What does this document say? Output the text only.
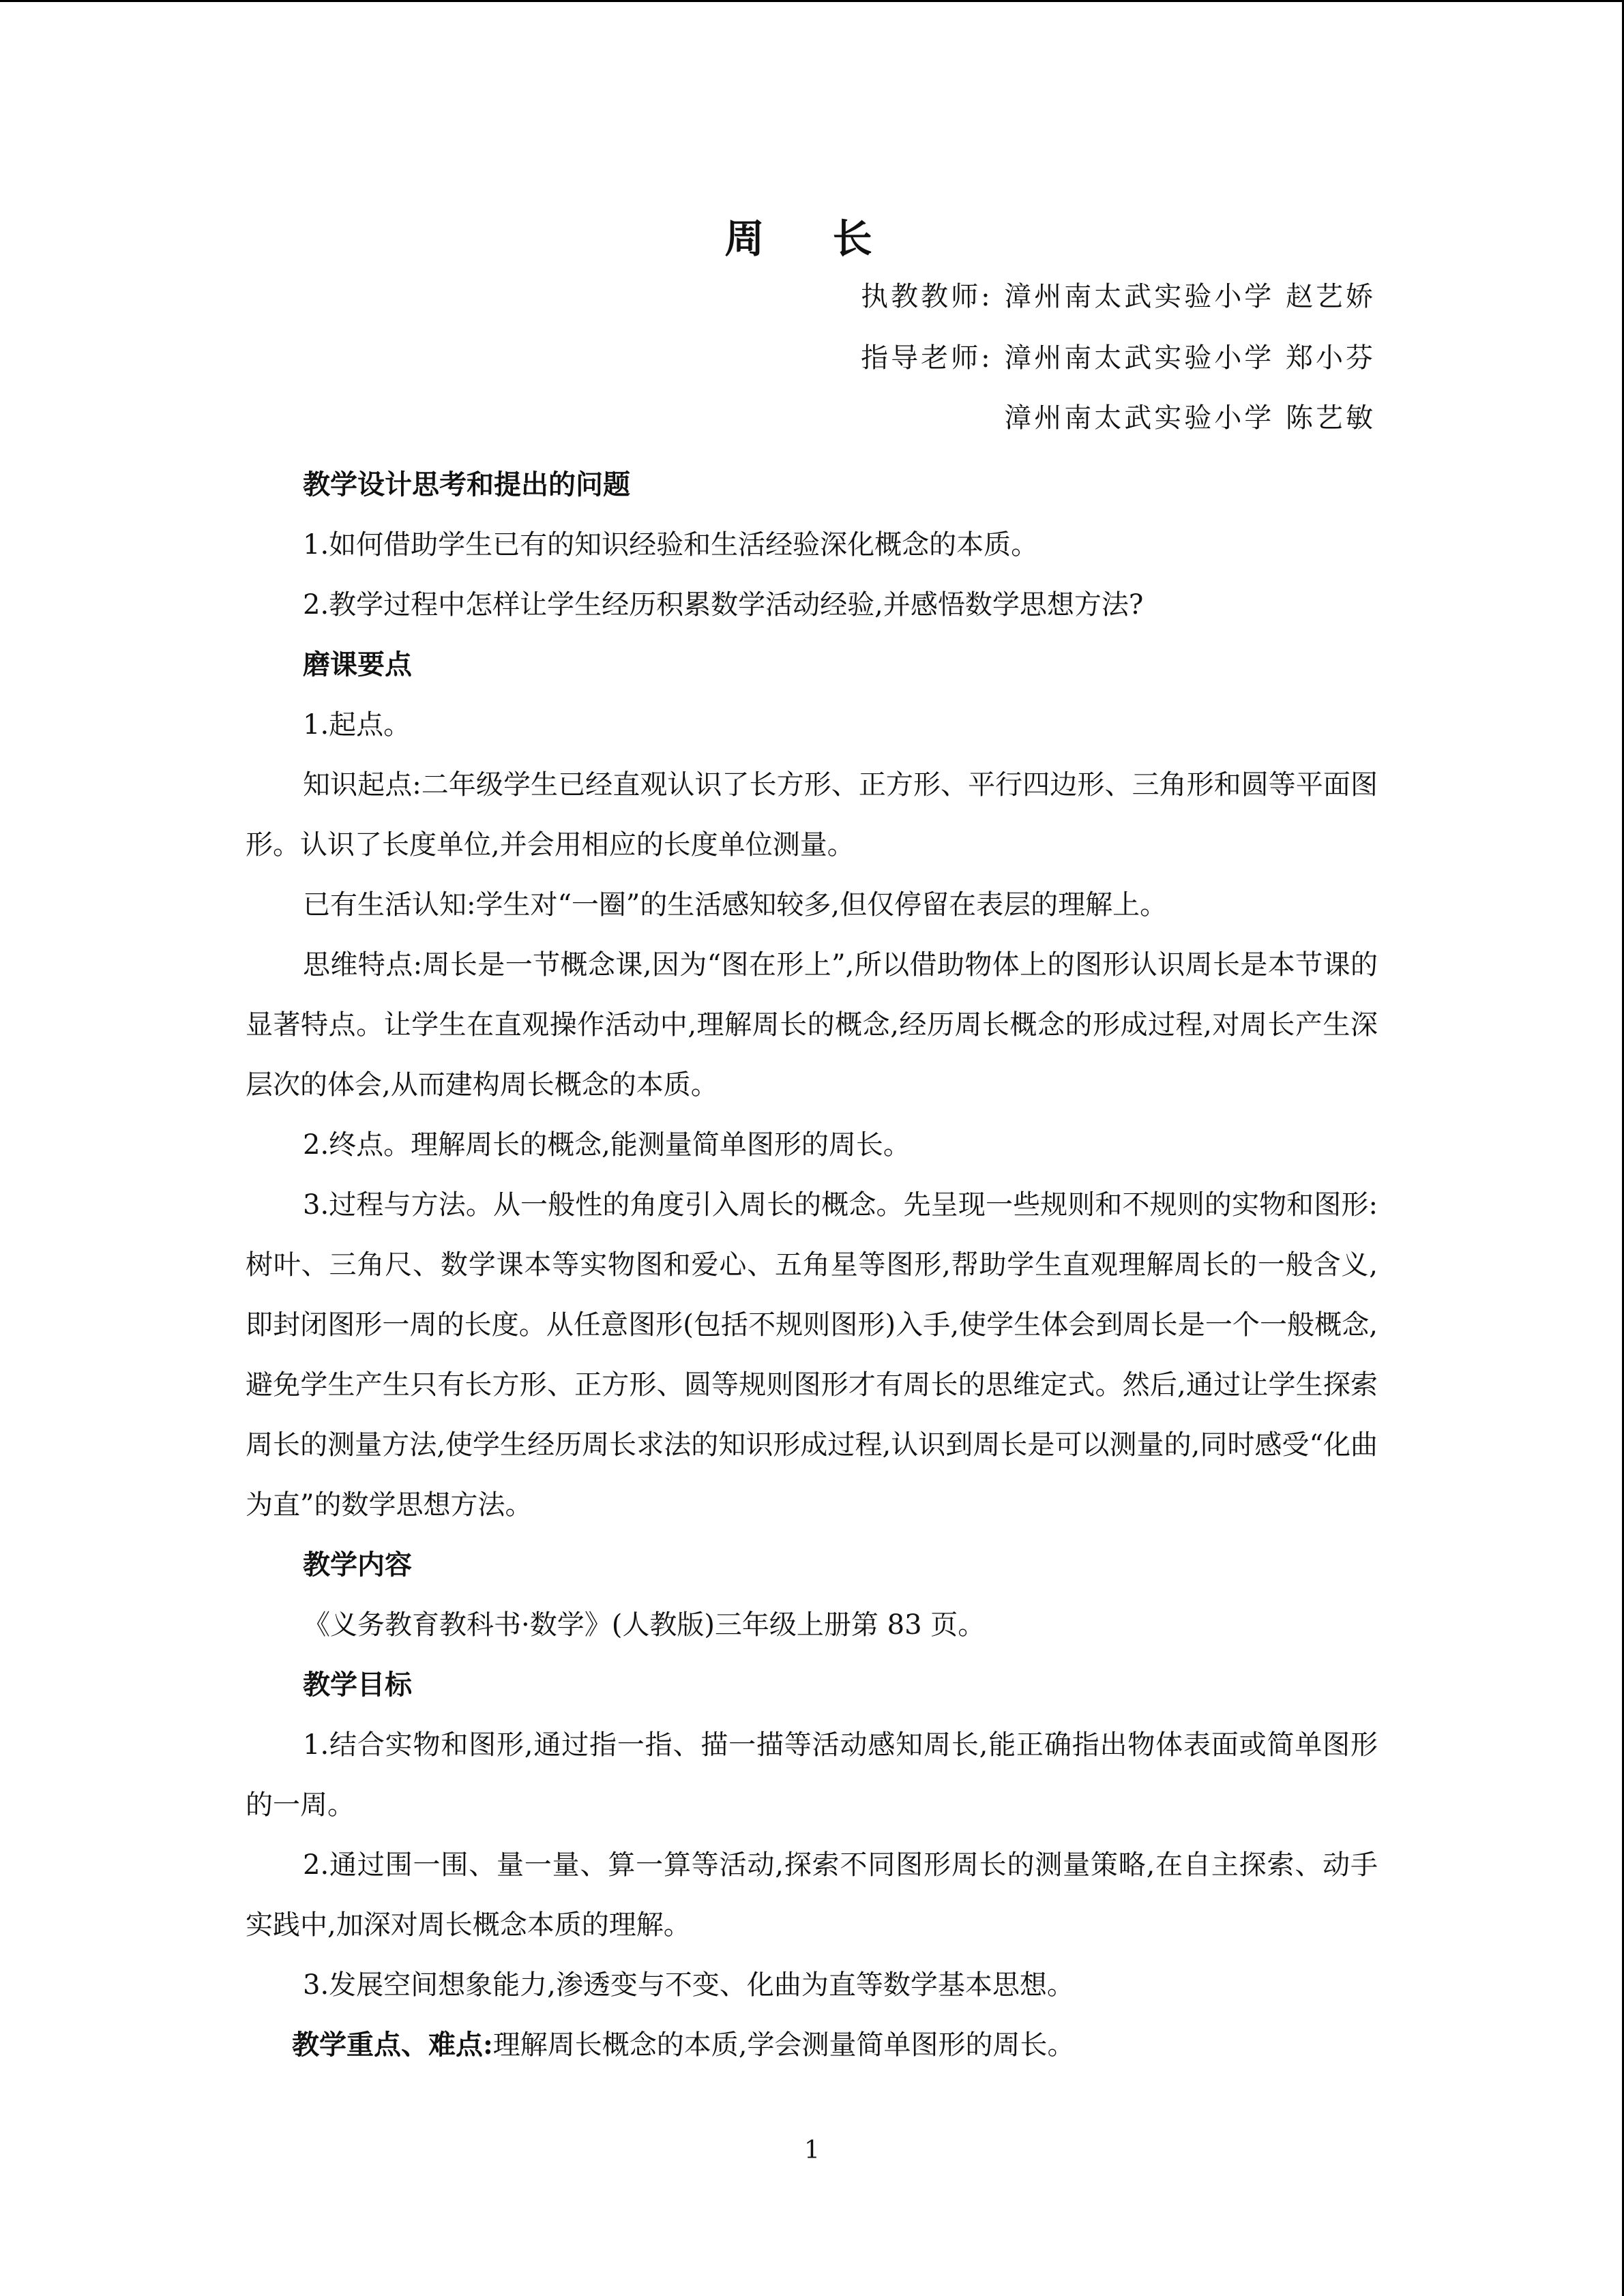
周 长
执教教师: 漳州南太武实验小学 赵艺娇
指导老师: 漳州南太武实验小学 郑小芬
漳州南太武实验小学 陈艺敏

教学设计思考和提出的问题

1.如何借助学生已有的知识经验和生活经验深化概念的本质。

2.教学过程中怎样让学生经历积累数学活动经验,并感悟数学思想方法?

磨课要点

1.起点。

知识起点:二年级学生已经直观认识了长方形、正方形、平行四边形、三角形和圆等平面图形。认识了长度单位,并会用相应的长度单位测量。

已有生活认知:学生对“一圈”的生活感知较多,但仅停留在表层的理解上。

思维特点:周长是一节概念课,因为“图在形上”,所以借助物体上的图形认识周长是本节课的显著特点。让学生在直观操作活动中,理解周长的概念,经历周长概念的形成过程,对周长产生深层次的体会,从而建构周长概念的本质。

2.终点。理解周长的概念,能测量简单图形的周长。

3.过程与方法。从一般性的角度引入周长的概念。先呈现一些规则和不规则的实物和图形:树叶、三角尺、数学课本等实物图和爱心、五角星等图形,帮助学生直观理解周长的一般含义,即封闭图形一周的长度。从任意图形(包括不规则图形)入手,使学生体会到周长是一个一般概念,避免学生产生只有长方形、正方形、圆等规则图形才有周长的思维定式。然后,通过让学生探索周长的测量方法,使学生经历周长求法的知识形成过程,认识到周长是可以测量的,同时感受“化曲为直”的数学思想方法。

教学内容

《义务教育教科书·数学》(人教版)三年级上册第 83 页。

教学目标

1.结合实物和图形,通过指一指、描一描等活动感知周长,能正确指出物体表面或简单图形的一周。

2.通过围一围、量一量、算一算等活动,探索不同图形周长的测量策略,在自主探索、动手实践中,加深对周长概念本质的理解。

3.发展空间想象能力,渗透变与不变、化曲为直等数学基本思想。

教学重点、难点:理解周长概念的本质,学会测量简单图形的周长。

1
